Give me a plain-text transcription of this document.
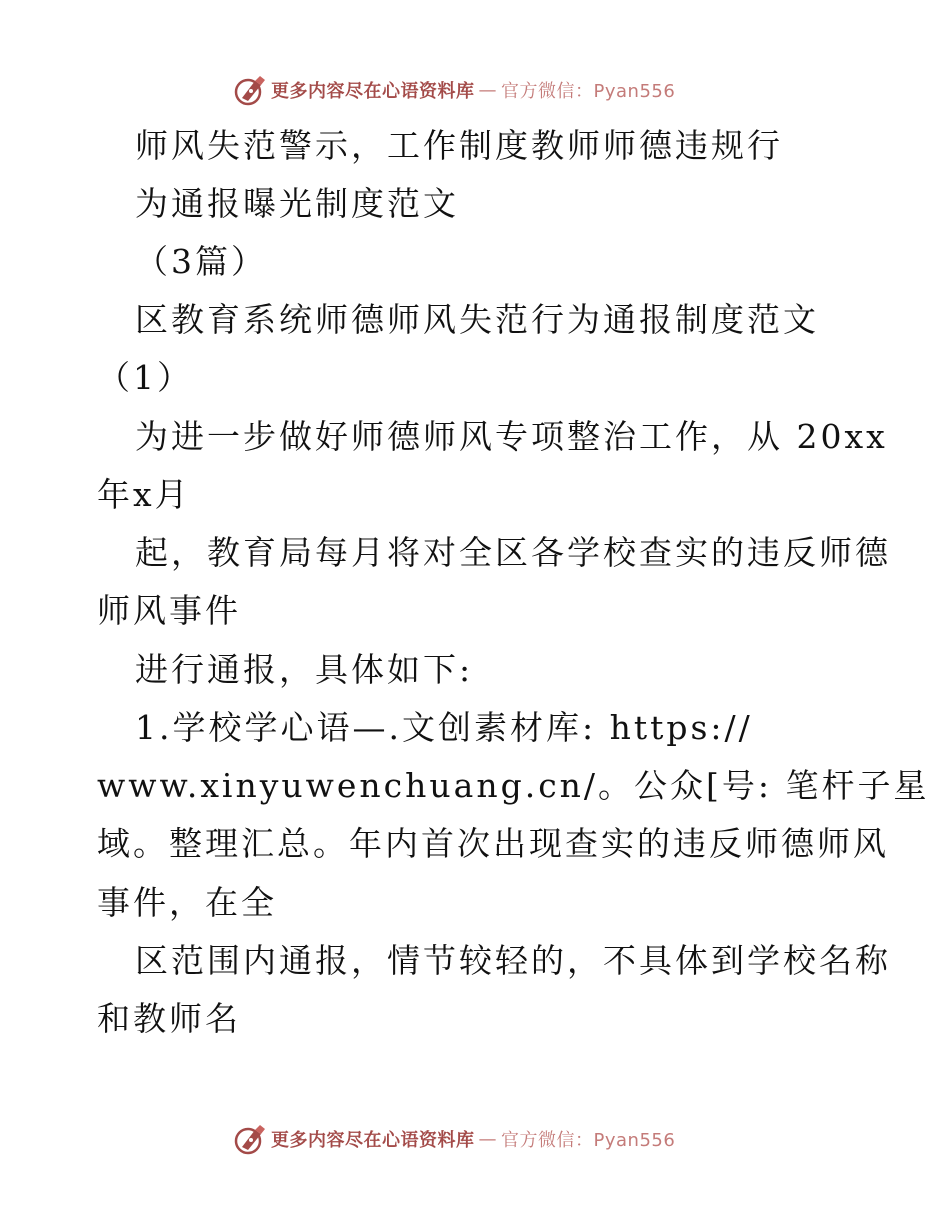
更多内容尽在心语资料库 — 官方微信：Pyan556
师风失范警示，工作制度教师师德违规行
为通报曝光制度范文
（3篇）
区教育系统师德师风失范行为通报制度范文
（1）
为进一步做好师德师风专项整治工作，从 20xx
年x月
起，教育局每月将对全区各学校查实的违反师德
师风事件
进行通报，具体如下:
1.学校学心语—.文创素材库: https://
www.xinyuwenchuang.cn/。公众[号: 笔杆子星
域。整理汇总。年内首次出现查实的违反师德师风
事件，在全
区范围内通报，情节较轻的，不具体到学校名称
和教师名
更多内容尽在心语资料库 — 官方微信：Pyan556
